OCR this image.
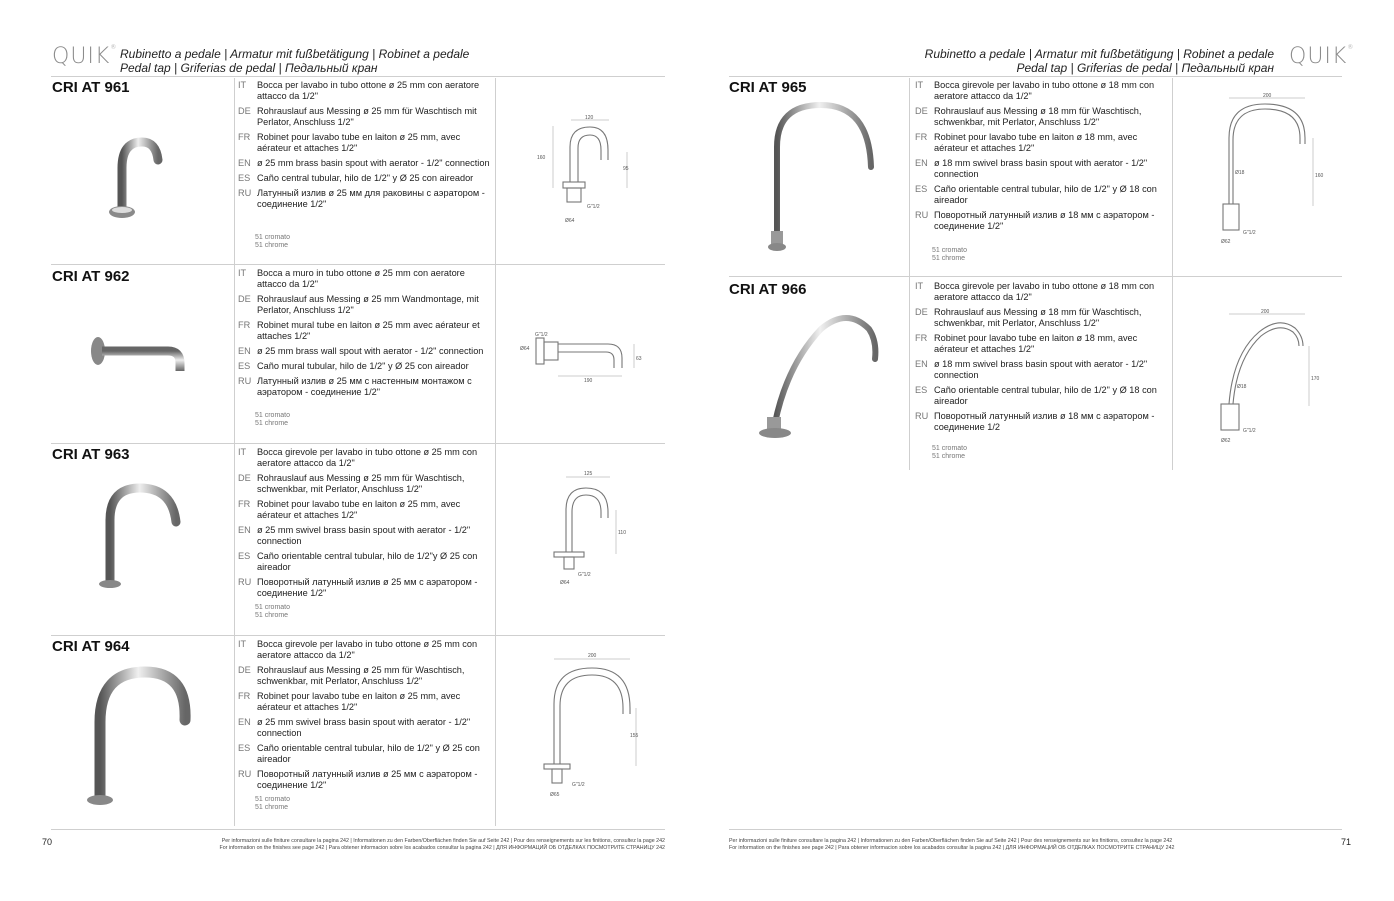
QUIK® Rubinetto a pedale | Armatur mit fußbetätigung | Robinet a pedale
Pedal tap | Griferias de pedal | Педальный кран
CRI AT 961	IT	Bocca per lavabo in tubo ottone ø 25 mm con aeratore attacco da 1/2"
DE Rohrauslauf aus Messing ø 25 mm für Waschtisch mit Perlator, Anschluss 1/2"
FR Robinet pour lavabo tube en laiton ø 25 mm, avec aérateur et attaches 1/2"
EN ø 25 mm brass basin spout with aerator - 1/2" connection
ES Caño central tubular, hilo de 1/2" y Ø 25 con aireador
RU Латунный излив ø 25 мм для раковины с аэратором - соединение 1/2"
51 cromato
51 chrome
120
160
95
G"1/2
Ø64
CRI AT 962	IT	Bocca a muro in tubo ottone ø 25 mm con aeratore attacco da 1/2"
DE Rohrauslauf aus Messing ø 25 mm Wandmontage, mit Perlator, Anschluss 1/2"
FR Robinet mural tube en laiton ø 25 mm avec aérateur et attaches 1/2"
EN ø 25 mm brass wall spout with aerator - 1/2" connection
ES Caño mural tubular, hilo de 1/2" y Ø 25 con aireador
RU Латунный излив ø 25 мм с настенным монтажом с аэратором - соединение 1/2"
51 cromato
51 chrome
Ø64
G"1/2
190
63
CRI AT 963	IT	Bocca girevole per lavabo in tubo ottone ø 25 mm con aeratore attacco da 1/2"
DE Rohrauslauf aus Messing ø 25 mm für Waschtisch, schwenkbar, mit Perlator, Anschluss 1/2"
FR Robinet pour lavabo tube en laiton ø 25 mm, avec aérateur et attaches 1/2"
EN ø 25 mm swivel brass basin spout with aerator - 1/2" connection
ES Caño orientable central tubular, hilo de 1/2"y Ø 25 con aireador
RU Поворотный латунный излив ø 25 мм с аэратором - соединение 1/2"
51 cromato
51 chrome
125
110
G"1/2
Ø64
CRI AT 964	IT	Bocca girevole per lavabo in tubo ottone ø 25 mm con aeratore attacco da 1/2"
DE Rohrauslauf aus Messing ø 25 mm für Waschtisch, schwenkbar, mit Perlator, Anschluss 1/2"
FR Robinet pour lavabo tube en laiton ø 25 mm, avec aérateur et attaches 1/2"
EN ø 25 mm swivel brass basin spout with aerator - 1/2" connection
ES Caño orientable central tubular, hilo de 1/2" y Ø 25 con aireador
RU Поворотный латунный излив ø 25 мм с аэратором - соединение 1/2"
51 cromato
51 chrome
200
155
G"1/2
Ø65
70	Per informazioni sulle finiture consultare la pagina 242 | Informationen zu den Farben/Oberflächen finden Sie auf Seite 242 | Pour des renseignements sur les finitions, consultez la page 242
For information on the finishes see page 242 | Para obtener informacion sobre los acabados consultar la pagina 242 | ДЛЯ ИНФОРМАЦИЙ ОБ ОТДЕЛКАХ ПОСМОТРИТЕ СТРАНИЦУ 242
Rubinetto a pedale | Armatur mit fußbetätigung | Robinet a pedale
Pedal tap | Griferias de pedal | Педальный кран QUIK®
CRI AT 965	IT	Bocca girevole per lavabo in tubo ottone ø 18 mm con aeratore attacco da 1/2"
DE Rohrauslauf aus Messing ø 18 mm für Waschtisch, schwenkbar, mit Perlator, Anschluss 1/2"
FR Robinet pour lavabo tube en laiton ø 18 mm, avec aérateur et attaches 1/2"
EN ø 18 mm swivel brass basin spout with aerator - 1/2" connection
ES Caño orientable central tubular, hilo de 1/2" y Ø 18 con aireador
RU Поворотный латунный излив ø 18 мм с аэратором - соединение 1/2"
51 cromato
51 chrome
200
Ø18	160
G"1/2
Ø62
CRI AT 966	IT	Bocca girevole per lavabo in tubo ottone ø 18 mm con aeratore attacco da 1/2"
DE Rohrauslauf aus Messing ø 18 mm für Waschtisch, schwenkbar, mit Perlator, Anschluss 1/2"
FR Robinet pour lavabo tube en laiton ø 18 mm, avec aérateur et attaches 1/2"
EN ø 18 mm swivel brass basin spout with aerator - 1/2" connection
ES Caño orientable central tubular, hilo de 1/2" y Ø 18 con aireador
RU Поворотный латунный излив ø 18 мм с аэратором - соединение 1/2
51 cromato
51 chrome
200
Ø18
170
G"1/2
Ø62
Per informazioni sulle finiture consultare la pagina 242 | Informationen zu den Farben/Oberflächen finden Sie auf Seite 242 | Pour des renseignements sur les finitions, consultez la page 242
For information on the finishes see page 242 | Para obtener informacion sobre los acabados consultar la pagina 242 | ДЛЯ ИНФОРМАЦИЙ ОБ ОТДЕЛКАХ ПОСМОТРИТЕ СТРАНИЦУ 242
71
